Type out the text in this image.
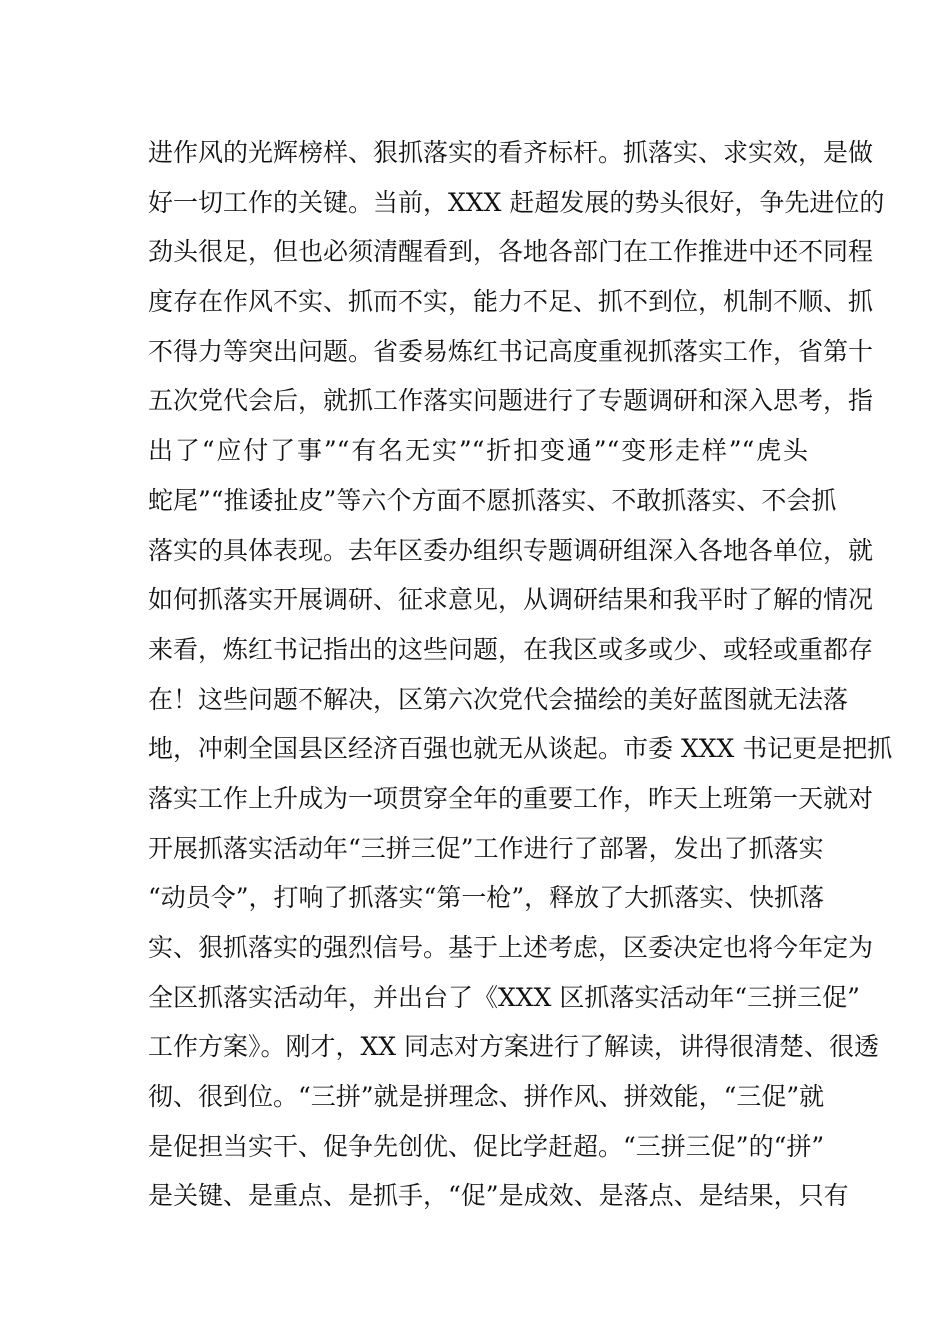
进作风的光辉榜样、狠抓落实的看齐标杆。抓落实、求实效，是做
好一切工作的关键。当前，XXX 赶超发展的势头很好，争先进位的
劲头很足，但也必须清醒看到，各地各部门在工作推进中还不同程
度存在作风不实、抓而不实，能力不足、抓不到位，机制不顺、抓
不得力等突出问题。省委易炼红书记高度重视抓落实工作，省第十
五次党代会后，就抓工作落实问题进行了专题调研和深入思考，指
出了“应付了事”“有名无实”“折扣变通”“变形走样”“虎头
蛇尾”“推诿扯皮”等六个方面不愿抓落实、不敢抓落实、不会抓
落实的具体表现。去年区委办组织专题调研组深入各地各单位，就
如何抓落实开展调研、征求意见，从调研结果和我平时了解的情况
来看，炼红书记指出的这些问题，在我区或多或少、或轻或重都存
在！这些问题不解决，区第六次党代会描绘的美好蓝图就无法落
地，冲刺全国县区经济百强也就无从谈起。市委 XXX 书记更是把抓
落实工作上升成为一项贯穿全年的重要工作，昨天上班第一天就对
开展抓落实活动年“三拼三促”工作进行了部署，发出了抓落实
“动员令”，打响了抓落实“第一枪”，释放了大抓落实、快抓落
实、狠抓落实的强烈信号。基于上述考虑，区委决定也将今年定为
全区抓落实活动年，并出台了《XXX 区抓落实活动年“三拼三促”
工作方案》。刚才，XX 同志对方案进行了解读，讲得很清楚、很透
彻、很到位。“三拼”就是拼理念、拼作风、拼效能，“三促”就
是促担当实干、促争先创优、促比学赶超。“三拼三促”的“拼”
是关键、是重点、是抓手，“促”是成效、是落点、是结果，只有
